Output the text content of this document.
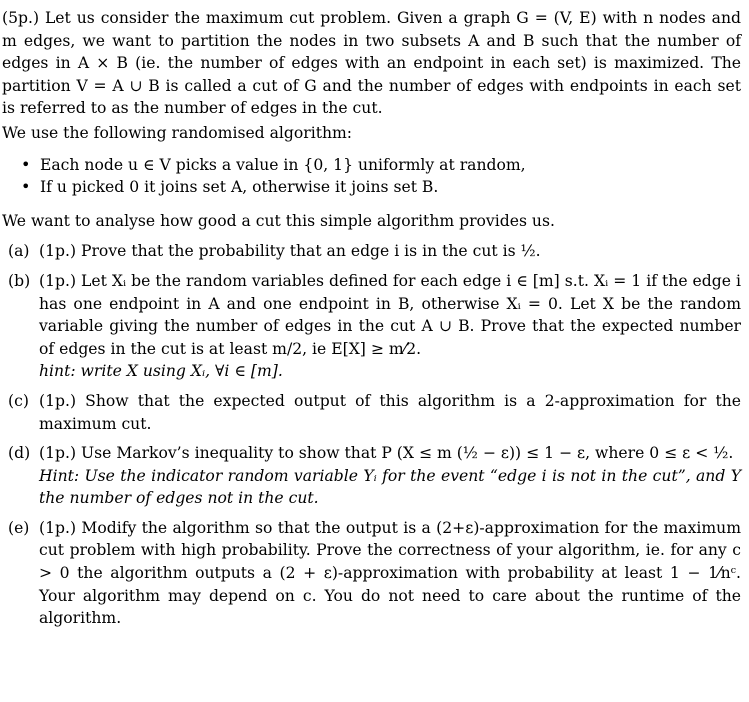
(5p.) Let us consider the maximum cut problem. Given a graph G = (V, E) with n nodes and m edges, we want to partition the nodes in two subsets A and B such that the number of edges in A × B (ie. the number of edges with an endpoint in each set) is maximized. The partition V = A ∪ B is called a cut of G and the number of edges with endpoints in each set is referred to as the number of edges in the cut.

We use the following randomised algorithm:

• Each node u ∈ V picks a value in {0, 1} uniformly at random,
• If u picked 0 it joins set A, otherwise it joins set B.

We want to analyse how good a cut this simple algorithm provides us.

(a) (1p.) Prove that the probability that an edge i is in the cut is ½.
(b) (1p.) Let Xᵢ be the random variables defined for each edge i ∈ [m] s.t. Xᵢ = 1 if the edge i has one endpoint in A and one endpoint in B, otherwise Xᵢ = 0. Let X be the random variable giving the number of edges in the cut A ∪ B. Prove that the expected number of edges in the cut is at least m/2, ie E[X] ≥ m⁄2.
hint: write X using Xᵢ, ∀i ∈ [m].
(c) (1p.) Show that the expected output of this algorithm is a 2-approximation for the maximum cut.
(d) (1p.) Use Markov’s inequality to show that P (X ≤ m (½ − ε)) ≤ 1 − ε, where 0 ≤ ε < ½.
Hint: Use the indicator random variable Yᵢ for the event “edge i is not in the cut”, and Y the number of edges not in the cut.
(e) (1p.) Modify the algorithm so that the output is a (2+ε)-approximation for the maximum cut problem with high probability. Prove the correctness of your algorithm, ie. for any c > 0 the algorithm outputs a (2 + ε)-approximation with probability at least 1 − 1⁄nᶜ. Your algorithm may depend on c. You do not need to care about the runtime of the algorithm.
